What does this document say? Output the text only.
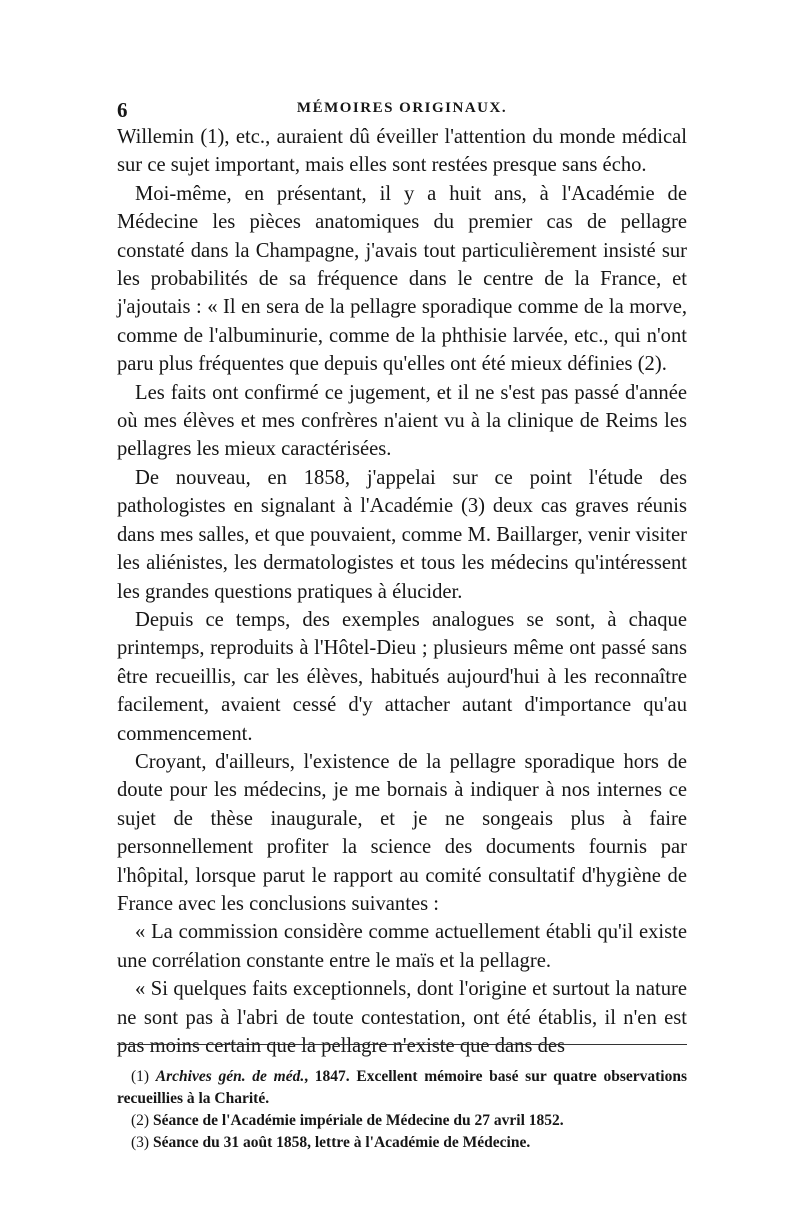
6	MÉMOIRES ORIGINAUX.

Willemin (1), etc., auraient dû éveiller l'attention du monde médical sur ce sujet important, mais elles sont restées presque sans écho.

Moi-même, en présentant, il y a huit ans, à l'Académie de Médecine les pièces anatomiques du premier cas de pellagre constaté dans la Champagne, j'avais tout particulièrement insisté sur les probabilités de sa fréquence dans le centre de la France, et j'ajoutais : « Il en sera de la pellagre sporadique comme de la morve, comme de l'albuminurie, comme de la phthisie larvée, etc., qui n'ont paru plus fréquentes que depuis qu'elles ont été mieux définies (2).

Les faits ont confirmé ce jugement, et il ne s'est pas passé d'année où mes élèves et mes confrères n'aient vu à la clinique de Reims les pellagres les mieux caractérisées.

De nouveau, en 1858, j'appelai sur ce point l'étude des pathologistes en signalant à l'Académie (3) deux cas graves réunis dans mes salles, et que pouvaient, comme M. Baillarger, venir visiter les aliénistes, les dermatologistes et tous les médecins qu'intéressent les grandes questions pratiques à élucider.

Depuis ce temps, des exemples analogues se sont, à chaque printemps, reproduits à l'Hôtel-Dieu ; plusieurs même ont passé sans être recueillis, car les élèves, habitués aujourd'hui à les reconnaître facilement, avaient cessé d'y attacher autant d'importance qu'au commencement.

Croyant, d'ailleurs, l'existence de la pellagre sporadique hors de doute pour les médecins, je me bornais à indiquer à nos internes ce sujet de thèse inaugurale, et je ne songeais plus à faire personnellement profiter la science des documents fournis par l'hôpital, lorsque parut le rapport au comité consultatif d'hygiène de France avec les conclusions suivantes :

« La commission considère comme actuellement établi qu'il existe une corrélation constante entre le maïs et la pellagre.

« Si quelques faits exceptionnels, dont l'origine et surtout la nature ne sont pas à l'abri de toute contestation, ont été établis, il n'en est pas moins certain que la pellagre n'existe que dans des

(1) Archives gén. de méd., 1847. Excellent mémoire basé sur quatre observations recueillies à la Charité.

(2) Séance de l'Académie impériale de Médecine du 27 avril 1852.

(3) Séance du 31 août 1858, lettre à l'Académie de Médecine.
